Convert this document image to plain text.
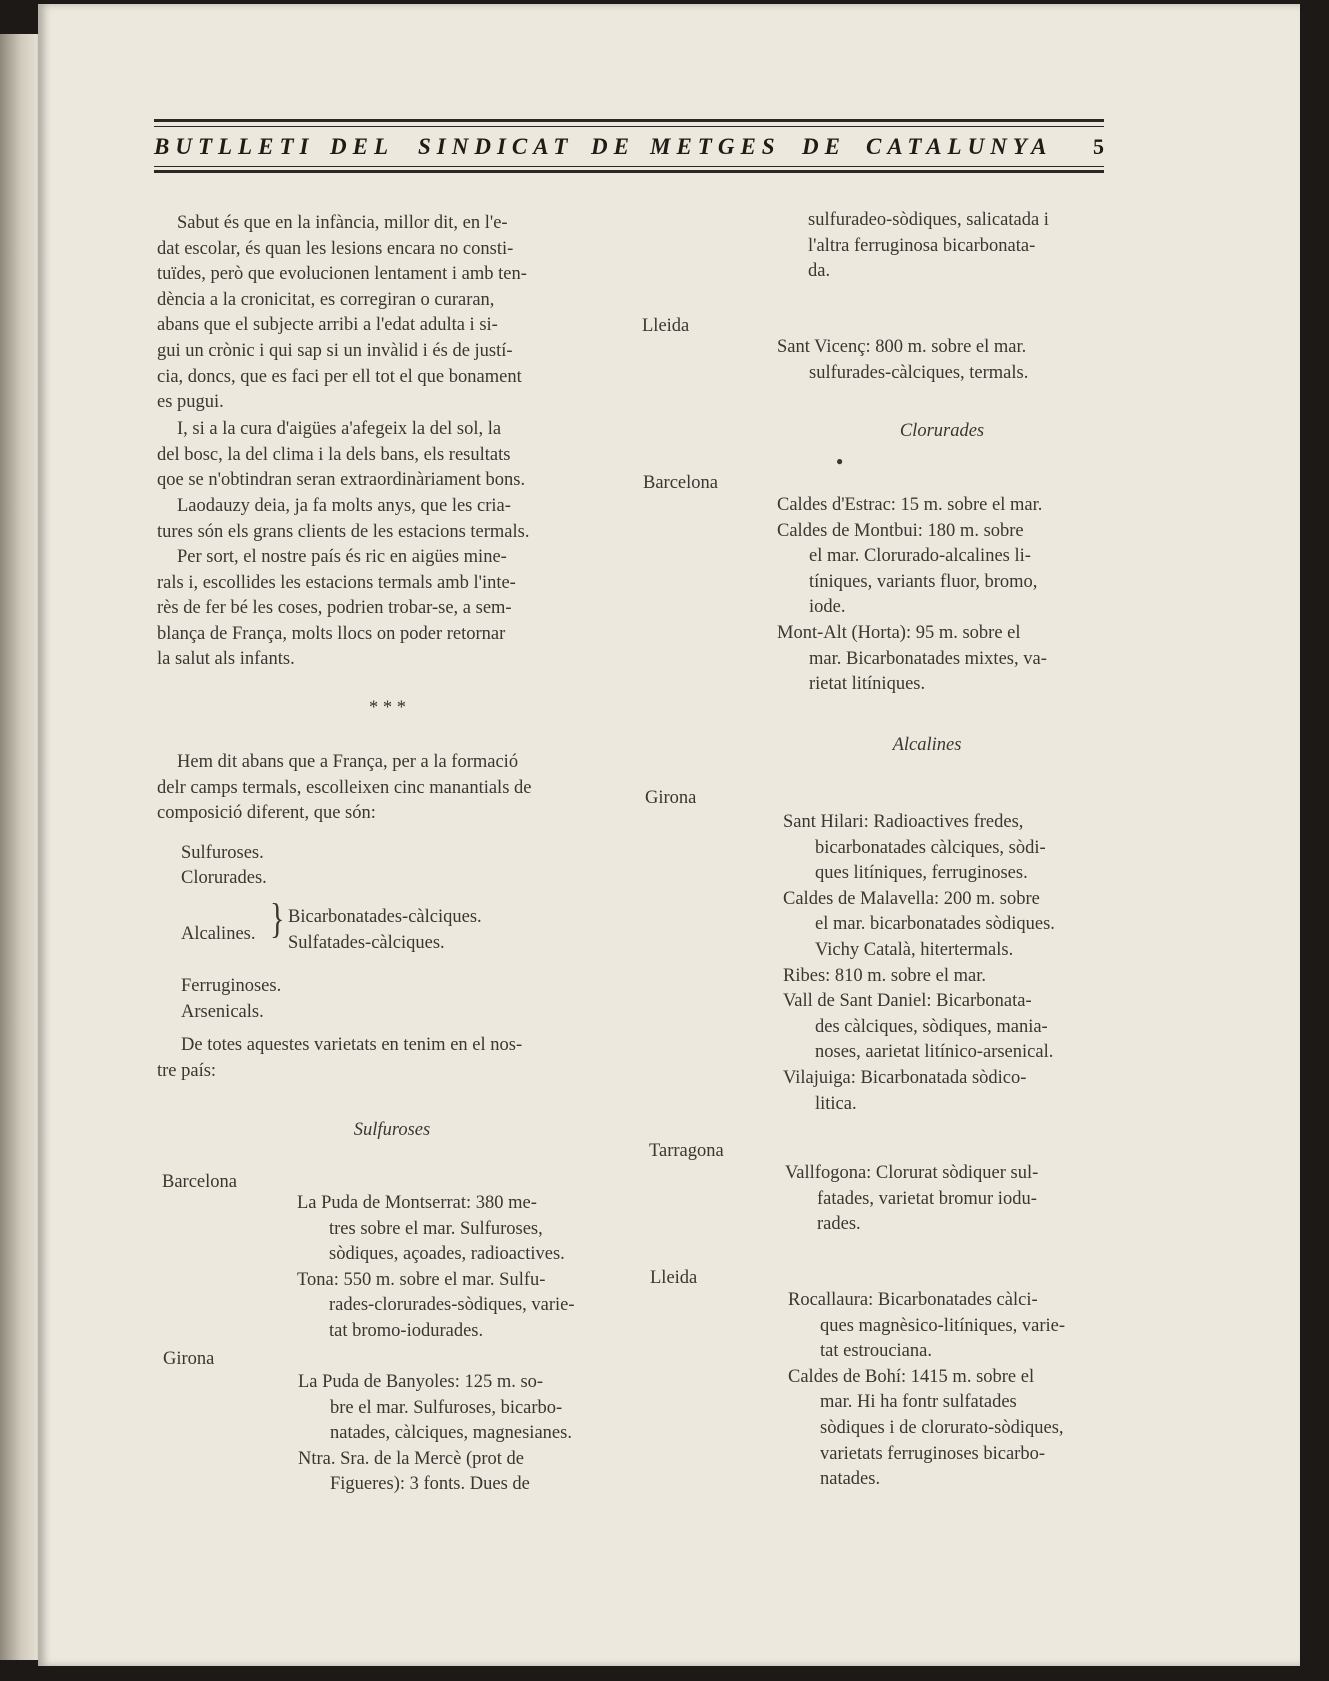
BUTLLETI DEL SINDICAT DE METGES DE CATALUNYA 5
Sabut és que en la infància, millor dit, en l'e-
dat escolar, és quan les lesions encara no consti-
tuïdes, però que evolucionen lentament i amb ten-
dència a la cronicitat, es corregiran o curaran,
abans que el subjecte arribi a l'edat adulta i si-
gui un crònic i qui sap si un invàlid i és de justí-
cia, doncs, que es faci per ell tot el que bonament
es pugui.
I, si a la cura d'aigües a'afegeix la del sol, la
del bosc, la del clima i la dels bans, els resultats
qoe se n'obtindran seran extraordinàriament bons.
Laodauzy deia, ja fa molts anys, que les cria-
tures són els grans clients de les estacions termals.
Per sort, el nostre país és ric en aigües mine-
rals i, escollides les estacions termals amb l'inte-
rès de fer bé les coses, podrien trobar-se, a sem-
blança de França, molts llocs on poder retornar
la salut als infants.
* * *
Hem dit abans que a França, per a la formació
delr camps termals, escolleixen cinc manantials de
composició diferent, que són:
Sulfuroses.
Clorurades.
Alcalines. } Bicarbonatades-càlciques.
Sulfatades-càlciques.
Ferruginoses.
Arsenicals.
De totes aquestes varietats en tenim en el nos-
tre país:
Sulfuroses
Barcelona

La Puda de Montserrat: 380 me-
tres sobre el mar. Sulfuroses,
sòdiques, açoades, radioactives.

Tona: 550 m. sobre el mar. Sulfu-
rades-clorurades-sòdiques, varie-
tat bromo-iodurades.

Girona

La Puda de Banyoles: 125 m. so-
bre el mar. Sulfuroses, bicarbo-
natades, càlciques, magnesianes.

Ntra. Sra. de la Mercè (prot de
Figueres): 3 fonts. Dues de

sulfuradeo-sòdiques, salicatada i
l'altra ferruginosa bicarbonata-
da.
Lleida

Sant Vicenç: 800 m. sobre el mar.
sulfurades-càlciques, termals.

Clorurades
●
Barcelona

Caldes d'Estrac: 15 m. sobre el mar.

Caldes de Montbui: 180 m. sobre
el mar. Clorurado-alcalines li-
tíniques, variants fluor, bromo,
iode.

Mont-Alt (Horta): 95 m. sobre el
mar. Bicarbonatades mixtes, va-
rietat litíniques.

Alcalines
Girona

Sant Hilari: Radioactives fredes,
bicarbonatades càlciques, sòdi-
ques litíniques, ferruginoses.

Caldes de Malavella: 200 m. sobre
el mar. bicarbonatades sòdiques.
Vichy Català, hitertermals.

Ribes: 810 m. sobre el mar.

Vall de Sant Daniel: Bicarbonata-
des càlciques, sòdiques, mania-
noses, aarietat litínico-arsenical.

Vilajuiga: Bicarbonatada sòdico-
litica.

Tarragona

Vallfogona: Clorurat sòdiquer sul-
fatades, varietat bromur iodu-
rades.

Lleida

Rocallaura: Bicarbonatades càlci-
ques magnèsico-litíniques, varie-
tat estrouciana.

Caldes de Bohí: 1415 m. sobre el
mar. Hi ha fontr sulfatades
sòdiques i de clorurato-sòdiques,
varietats ferruginoses bicarbo-
natades.
